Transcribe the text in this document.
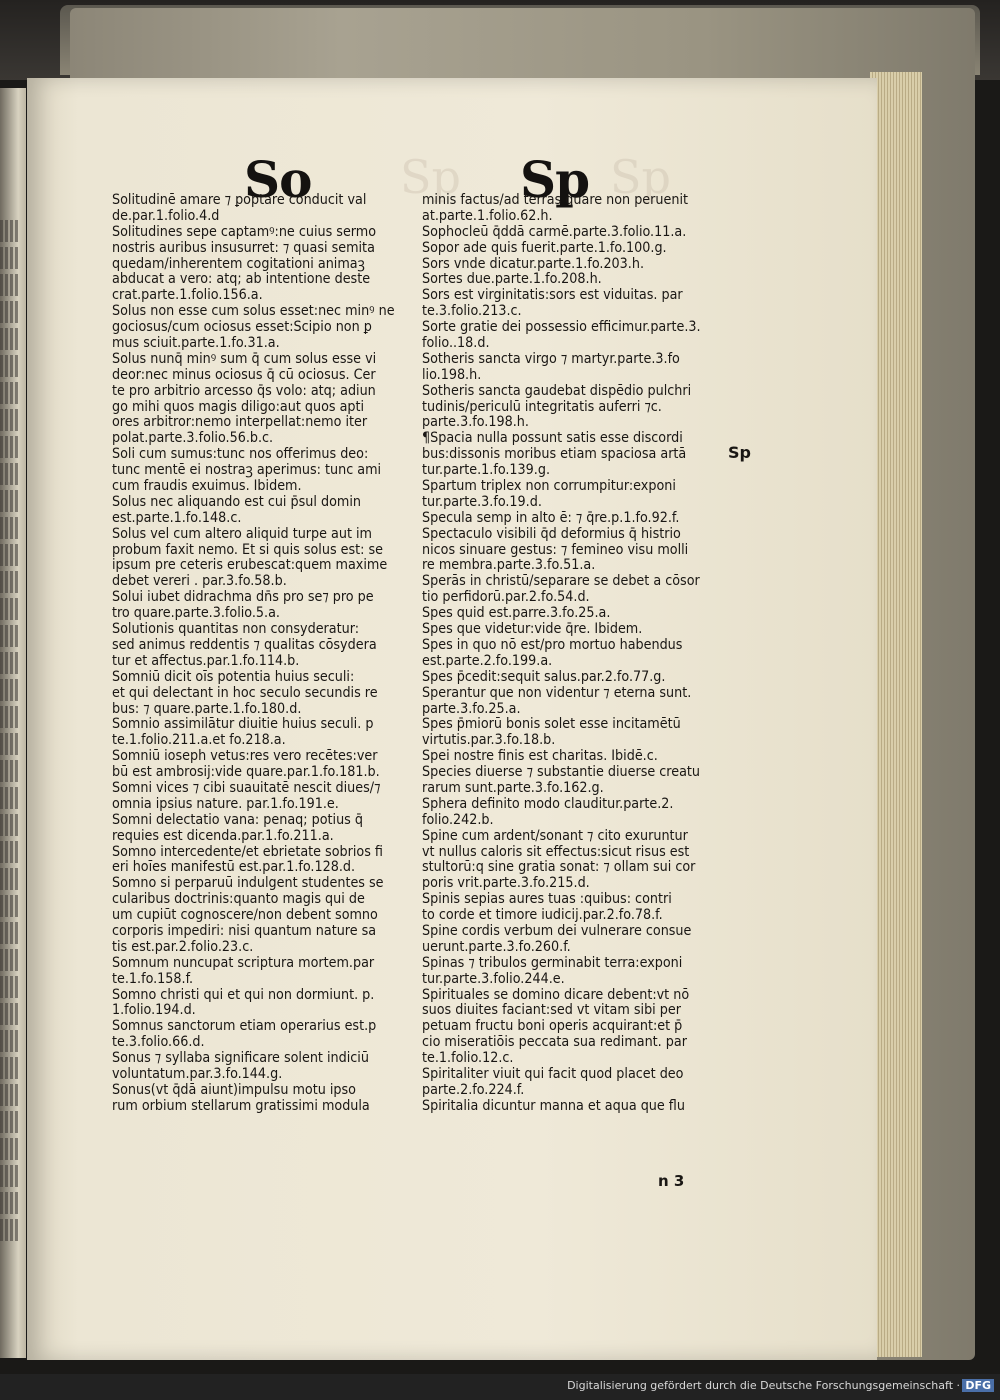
Sp	Sp
So	Sp
Solitudinē amare ⁊ ꝑoptare conducit val
de.par.1.folio.4.d
Solitudines sepe captamꝰ:ne cuius sermo
nostris auribus insusurret: ⁊ quasi semita
quedam/inherentem cogitationi animaꝫ
abducat a vero: atq; ab intentione deste
crat.parte.1.folio.156.a.
Solus non esse cum solus esset:nec minꝰ ne
gociosus/cum ociosus esset:Scipio non ꝑ
mus sciuit.parte.1.fo.31.a.
Solus nunq̄ minꝰ sum q̄ cum solus esse vi
deor:nec minus ociosus q̄ cū ociosus. Cer
te pro arbitrio arcesso q̄s volo: atq; adiun
go mihi quos magis diligo:aut quos apti
ores arbitror:nemo interpellat:nemo iter
polat.parte.3.folio.56.b.c.
Soli cum sumus:tunc nos offerimus deo:
tunc mentē ei nostraꝫ aperimus: tunc ami
cum fraudis exuimus. Ibidem.
Solus nec aliquando est cui p̄sul domin
est.parte.1.fo.148.c.
Solus vel cum altero aliquid turpe aut im
probum faxit nemo. Et si quis solus est: se
ipsum pre ceteris erubescat:quem maxime
debet vereri . par.3.fo.58.b.
Solui iubet didrachma dn̄s pro se⁊ pro pe
tro quare.parte.3.folio.5.a.
Solutionis quantitas non consyderatur:
sed animus reddentis ⁊ qualitas cōsydera
tur et affectus.par.1.fo.114.b.
Somniū dicit oīs potentia huius seculi:
et qui delectant in hoc seculo secundis re
bus: ⁊ quare.parte.1.fo.180.d.
Somnio assimilātur diuitie huius seculi. p
te.1.folio.211.a.et fo.218.a.
Somniū ioseph vetus:res vero recētes:ver
bū est ambrosij:vide quare.par.1.fo.181.b.
Somni vices ⁊ cibi suauitatē nescit diues/⁊
omnia ipsius nature. par.1.fo.191.e.
Somni delectatio vana: penaq; potius q̄
requies est dicenda.par.1.fo.211.a.
Somno intercedente/et ebrietate sobrios fi
eri hoīes manifestū est.par.1.fo.128.d.
Somno si perparuū indulgent studentes se
cularibus doctrinis:quanto magis qui de
um cupiūt cognoscere/non debent somno
corporis impediri: nisi quantum nature sa
tis est.par.2.folio.23.c.
Somnum nuncupat scriptura mortem.par
te.1.fo.158.f.
Somno christi qui et qui non dormiunt. p.
1.folio.194.d.
Somnus sanctorum etiam operarius est.p
te.3.folio.66.d.
Sonus ⁊ syllaba significare solent indiciū
voluntatum.par.3.fo.144.g.
Sonus(vt q̄dā aiunt)impulsu motu ipso
rum orbium stellarum gratissimi modula
minis factus/ad terras quare non peruenit
at.parte.1.folio.62.h.
Sophocleū q̄ddā carmē.parte.3.folio.11.a.
Sopor ade quis fuerit.parte.1.fo.100.g.
Sors vnde dicatur.parte.1.fo.203.h.
Sortes due.parte.1.fo.208.h.
Sors est virginitatis:sors est viduitas. par
te.3.folio.213.c.
Sorte gratie dei possessio efficimur.parte.3.
folio..18.d.
Sotheris sancta virgo ⁊ martyr.parte.3.fo
lio.198.h.
Sotheris sancta gaudebat dispēdio pulchri
tudinis/periculū integritatis auferri ⁊c.
parte.3.fo.198.h.
¶Spacia nulla possunt satis esse discordi
bus:dissonis moribus etiam spaciosa artā
tur.parte.1.fo.139.g.
Spartum triplex non corrumpitur:exponi
tur.parte.3.fo.19.d.
Specula semp in alto ē: ⁊ q̄re.p.1.fo.92.f.
Spectaculo visibili q̄d deformius q̄ histrio
nicos sinuare gestus: ⁊ femineo visu molli
re membra.parte.3.fo.51.a.
Sperās in christū/separare se debet a cōsor
tio perfidorū.par.2.fo.54.d.
Spes quid est.parre.3.fo.25.a.
Spes que videtur:vide q̄re. Ibidem.
Spes in quo nō est/pro mortuo habendus
est.parte.2.fo.199.a.
Spes p̄cedit:sequit salus.par.2.fo.77.g.
Sperantur que non videntur ⁊ eterna sunt.
parte.3.fo.25.a.
Spes p̄miorū bonis solet esse incitamētū
virtutis.par.3.fo.18.b.
Spei nostre finis est charitas. Ibidē.c.
Species diuerse ⁊ substantie diuerse creatu
rarum sunt.parte.3.fo.162.g.
Sphera definito modo clauditur.parte.2.
folio.242.b.
Spine cum ardent/sonant ⁊ cito exuruntur
vt nullus caloris sit effectus:sicut risus est
stultorū:q sine gratia sonat: ⁊ ollam sui cor
poris vrit.parte.3.fo.215.d.
Spinis sepias aures tuas :quibus: contri
to corde et timore iudicij.par.2.fo.78.f.
Spine cordis verbum dei vulnerare consue
uerunt.parte.3.fo.260.f.
Spinas ⁊ tribulos germinabit terra:exponi
tur.parte.3.folio.244.e.
Spirituales se domino dicare debent:vt nō
suos diuites faciant:sed vt vitam sibi per
petuam fructu boni operis acquirant:et p̄
cio miseratiōis peccata sua redimant. par
te.1.folio.12.c.
Spiritaliter viuit qui facit quod placet deo
parte.2.fo.224.f.
Spiritalia dicuntur manna et aqua que flu
Sp
n 3
Digitalisierung gefördert durch die Deutsche Forschungsgemeinschaft · DFG
